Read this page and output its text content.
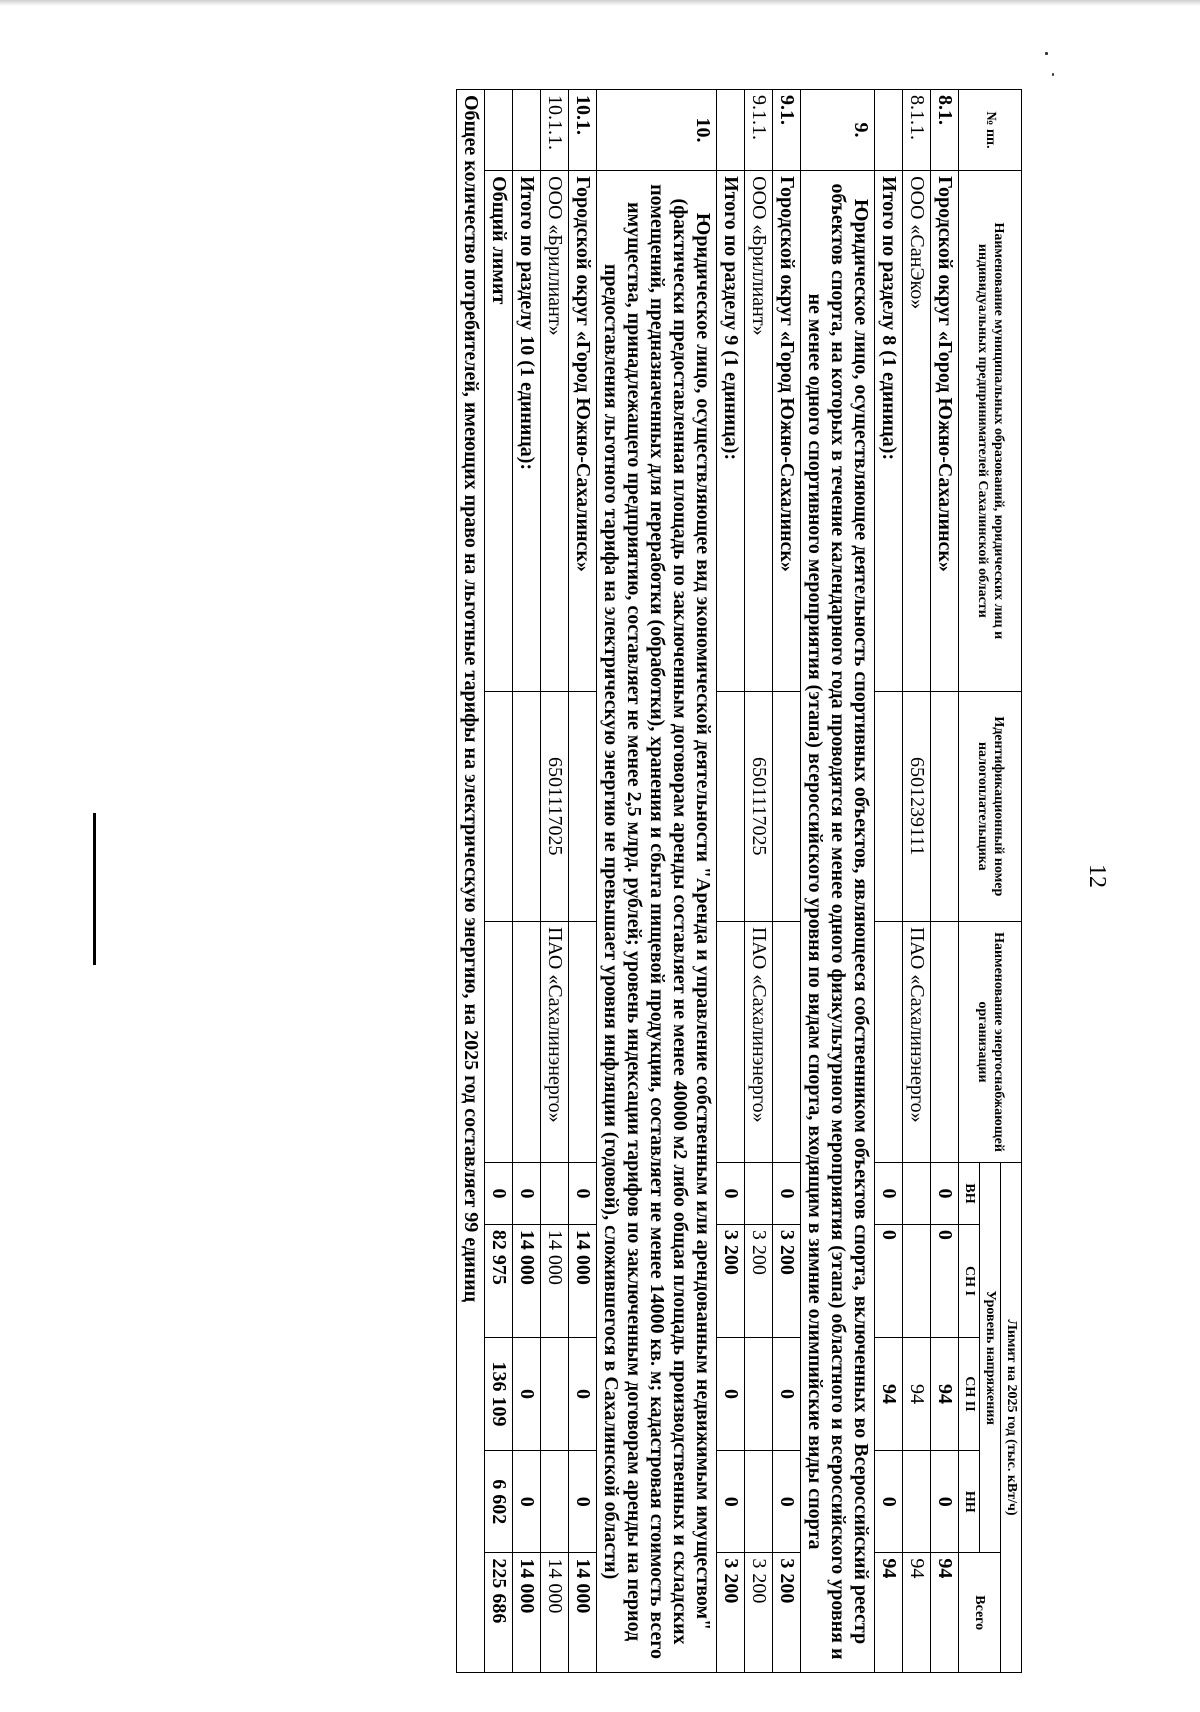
12
№ пп.	Наименование муниципальных образований, юридических лиц и индивидуальных предпринимателей Сахалинской области	Идентификационный номер налогоплательщика	Наименование энергоснабжающей организации	Лимит на 2025 год (тыс. кВт/ч)				
				Уровень напряжения				Всего
				ВН	СН I	СН II	НН	
8.1.	Городской округ «Город Южно-Сахалинск»			0	0	94	0	94
8.1.1.	ООО «СанЭко»	6501239111	ПАО «Сахалинэнерго»			94		94
	Итого по разделу 8 (1 единица):			0	0	94	0	94
9.	Юридическое лицо, осуществляющее деятельность спортивных объектов, являющееся собственником объектов спорта, включенных во Всероссийский реестр объектов спорта, на которых в течение календарного года проводятся не менее одного физкультурного мероприятия (этапа) областного и всероссийского уровня и не менее одного спортивного мероприятия (этапа) всероссийского уровня по видам спорта, входящим в зимние олимпийские виды спорта							
9.1.	Городской округ «Город Южно-Сахалинск»			0	3 200	0	0	3 200
9.1.1.	ООО «Бриллиант»	6501117025	ПАО «Сахалинэнерго»		3 200			3 200
	Итого по разделу 9 (1 единица):			0	3 200	0	0	3 200
10.	Юридическое лицо, осуществляющее вид экономической деятельности "Аренда и управление собственным или арендованным недвижимым имуществом" (фактически предоставленная площадь по заключенным договорам аренды составляет не менее 40000 м2 либо общая площадь производственных и складских помещений, предназначенных для переработки (обработки), хранения и сбыта пищевой продукции, составляет не менее 14000 кв. м; кадастровая стоимость всего имущества, принадлежащего предприятию, составляет не менее 2,5 млрд. рублей; уровень индексации тарифов по заключенным договорам аренды на период предоставления льготного тарифа на электрическую энергию не превышает уровня инфляции (годовой), сложившегося в Сахалинской области)							
10.1.	Городской округ «Город Южно-Сахалинск»			0	14 000	0	0	14 000
10.1.1.	ООО «Бриллиант»	6501117025	ПАО «Сахалинэнерго»		14 000			14 000
	Итого по разделу 10 (1 единица):			0	14 000	0	0	14 000
	Общий лимит			0	82 975	136 109	6 602	225 686
Общее количество потребителей, имеющих право на льготные тарифы на электрическую энергию, на 2025 год составляет 99 единиц								
